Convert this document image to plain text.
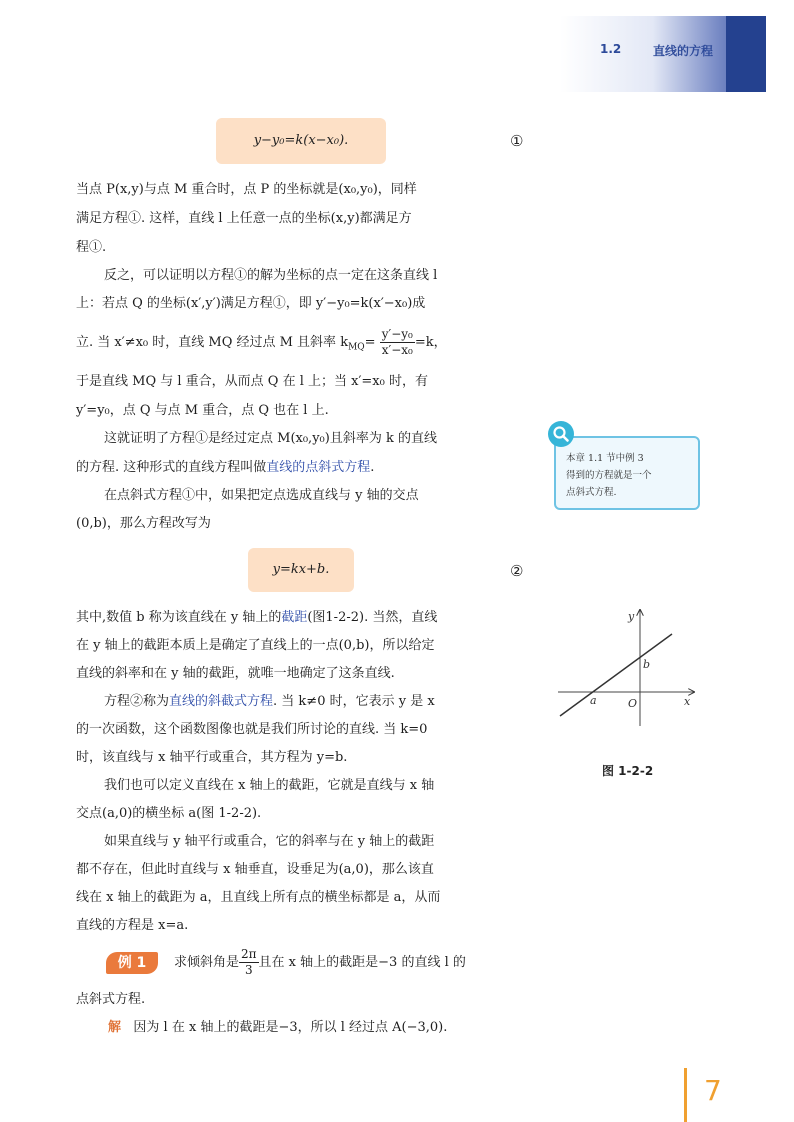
1.2	直线的方程
y−y₀=k(x−x₀).	①
当点 P(x,y)与点 M 重合时，点 P 的坐标就是(x₀,y₀)，同样
满足方程①. 这样，直线 l 上任意一点的坐标(x,y)都满足方
程①.
反之，可以证明以方程①的解为坐标的点一定在这条直线 l
上：若点 Q 的坐标(x′,y′)满足方程①，即 y′−y₀=k(x′−x₀)成
立. 当 x′≠x₀ 时，直线 MQ 经过点 M 且斜率 $k_{MQ}= \frac{\text{y′−y₀}}{\text{x′−x₀}} =k$，
于是直线 MQ 与 l 重合，从而点 Q 在 l 上；当 x′=x₀ 时，有
y′=y₀，点 Q 与点 M 重合，点 Q 也在 l 上.
这就证明了方程①是经过定点 M(x₀,y₀)且斜率为 k 的直线
的方程. 这种形式的直线方程叫做直线的点斜式方程.
在点斜式方程①中，如果把定点选成直线与 y 轴的交点
(0,b)，那么方程改写为
y=kx+b.	②
其中,数值 b 称为该直线在 y 轴上的截距(图1-2-2). 当然，直线
在 y 轴上的截距本质上是确定了直线上的一点(0,b)，所以给定
直线的斜率和在 y 轴的截距，就唯一地确定了这条直线.
方程②称为直线的斜截式方程. 当 k≠0 时，它表示 y 是 x
的一次函数，这个函数图像也就是我们所讨论的直线. 当 k=0
时，该直线与 x 轴平行或重合，其方程为 y=b.
我们也可以定义直线在 x 轴上的截距，它就是直线与 x 轴
交点(a,0)的横坐标 a(图 1-2-2).
如果直线与 y 轴平行或重合，它的斜率与在 y 轴上的截距
都不存在，但此时直线与 x 轴垂直，设垂足为(a,0)，那么该直
线在 x 轴上的截距为 a，且直线上所有点的横坐标都是 a，从而
直线的方程是 x=a.
例 1	求倾斜角是 $\frac{2\pi}{3}$ 且在 x 轴上的截距是−3 的直线 l 的
点斜式方程.
解 因为 l 在 x 轴上的截距是−3，所以 l 经过点 A(−3,0).
本章 1.1 节中例 3
得到的方程就是一个
点斜式方程.
y
x
O
a
b
图 1-2-2
7
